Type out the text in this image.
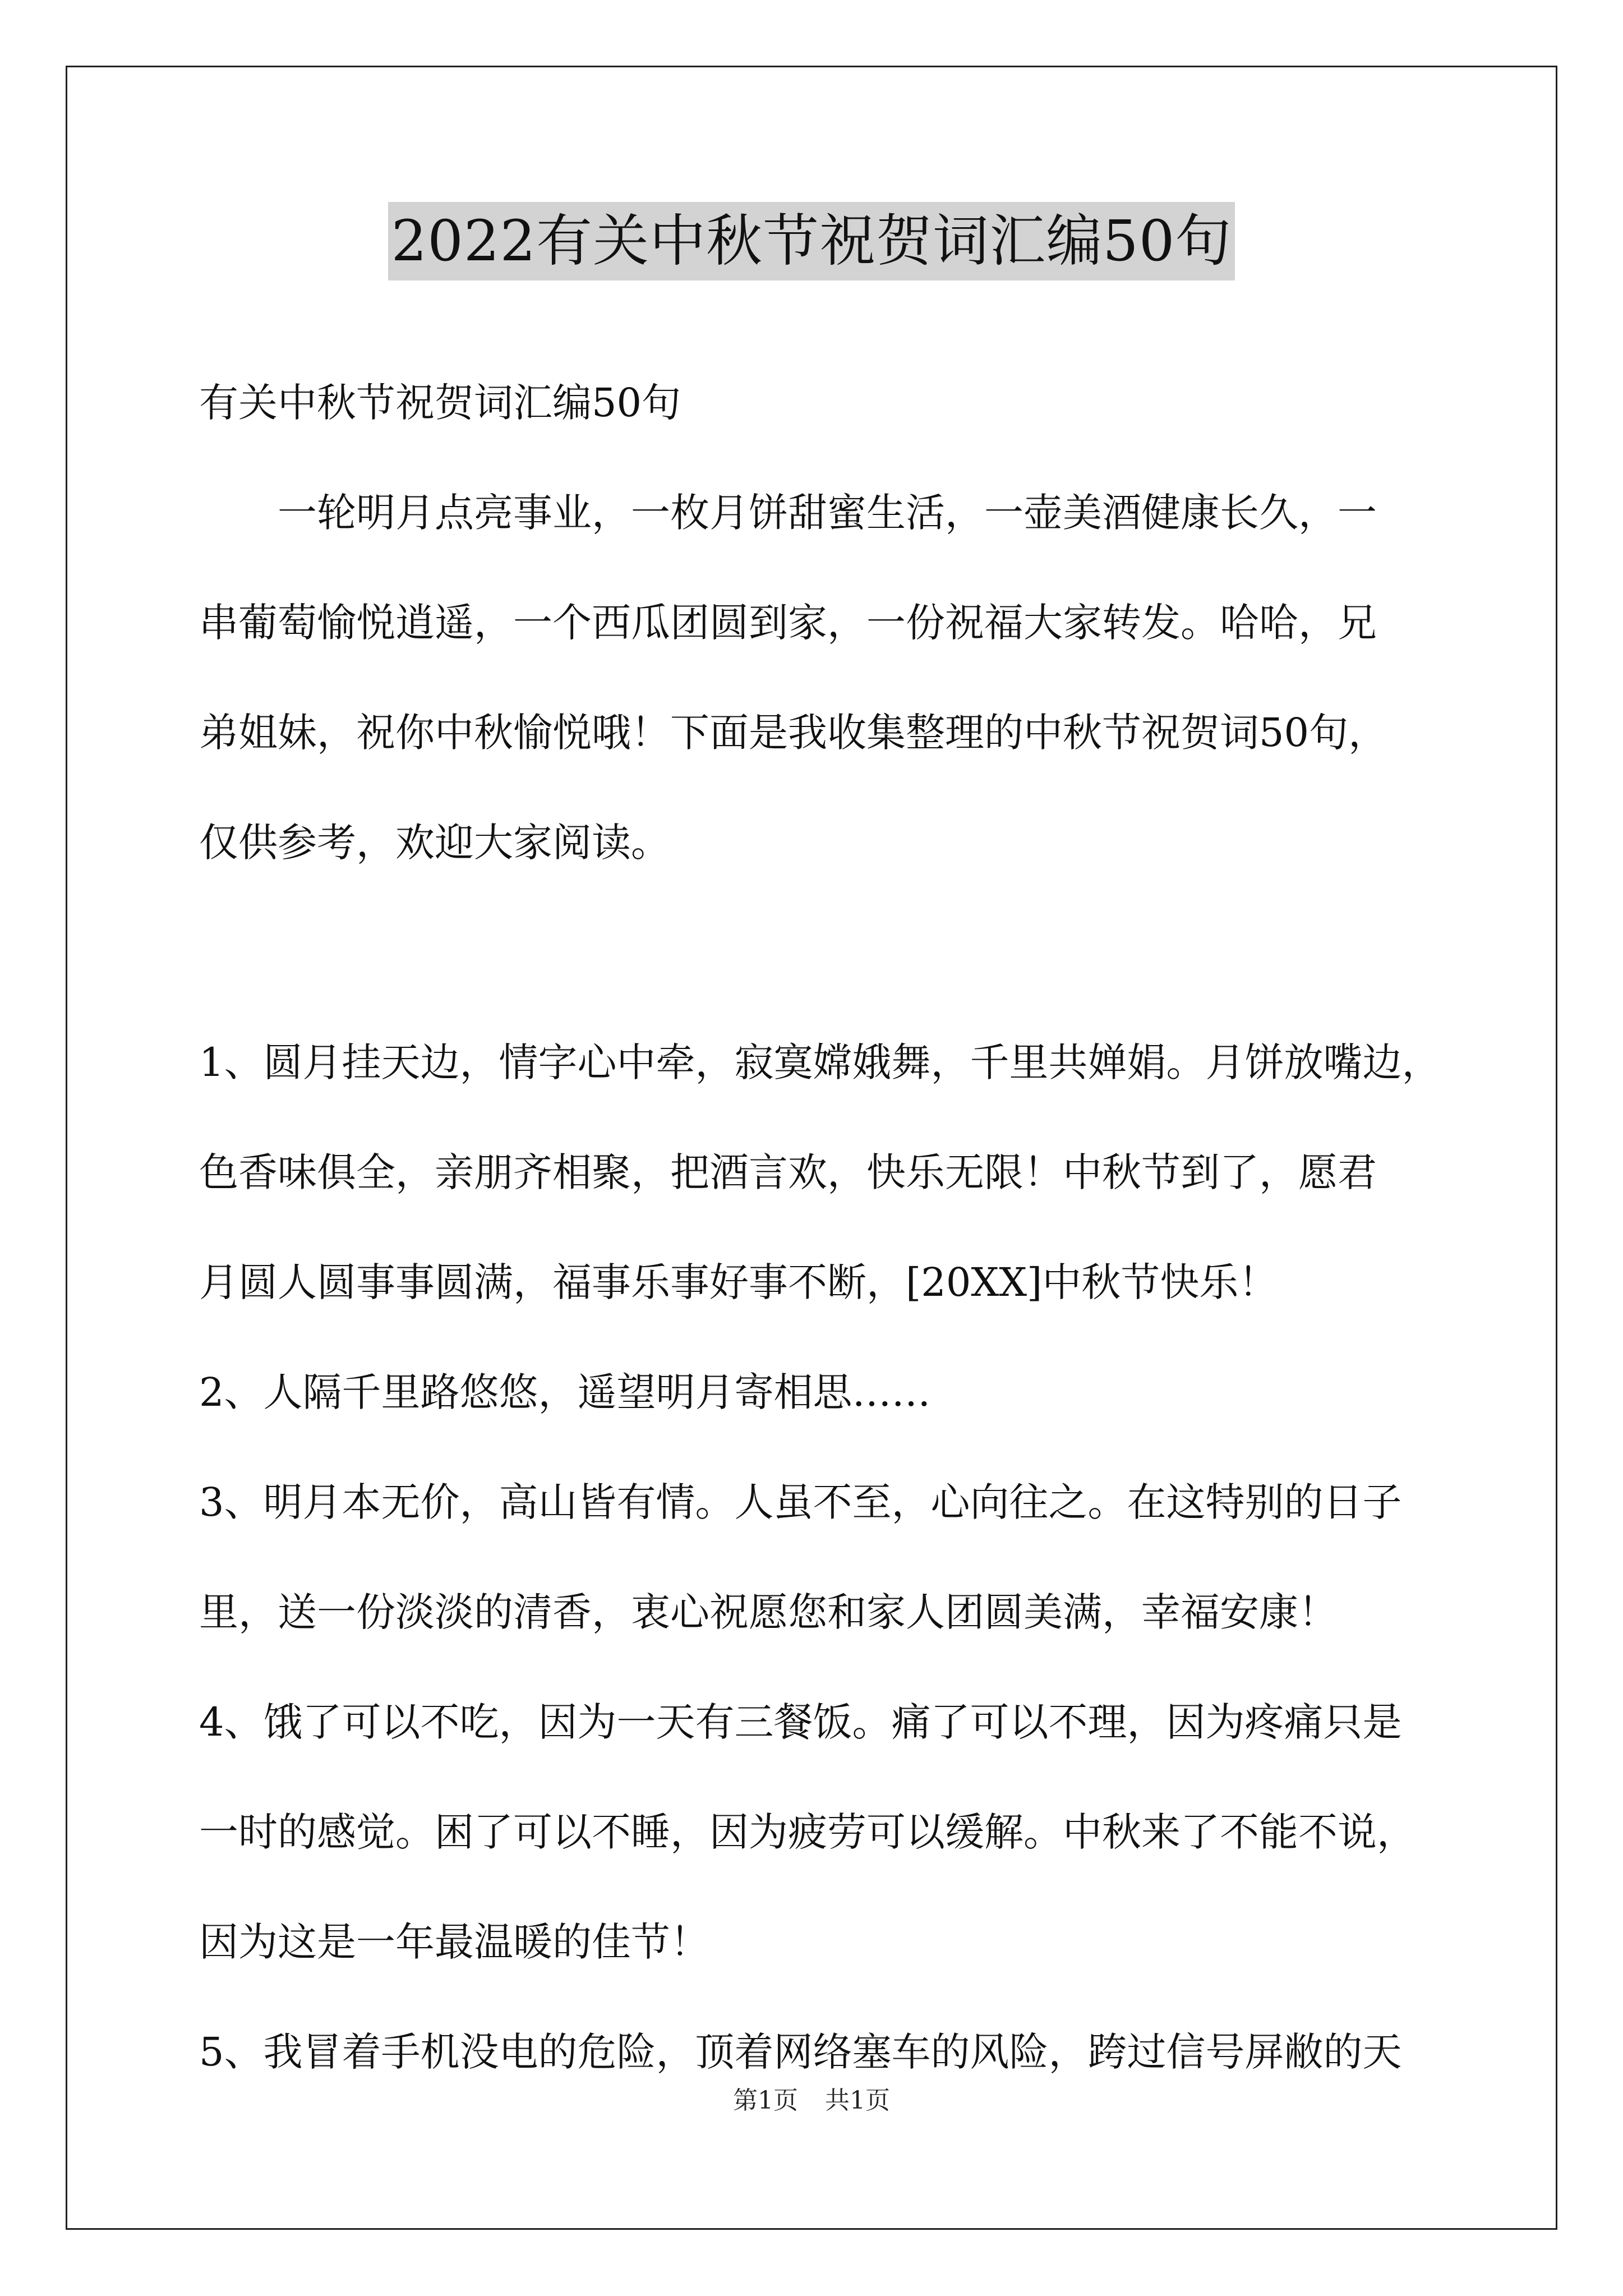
2022有关中秋节祝贺词汇编50句

有关中秋节祝贺词汇编50句

一轮明月点亮事业，一枚月饼甜蜜生活，一壶美酒健康长久，一

串葡萄愉悦逍遥，一个西瓜团圆到家，一份祝福大家转发。哈哈，兄

弟姐妹，祝你中秋愉悦哦！下面是我收集整理的中秋节祝贺词50句，

仅供参考，欢迎大家阅读。

1、圆月挂天边，情字心中牵，寂寞嫦娥舞，千里共婵娟。月饼放嘴边，

色香味俱全，亲朋齐相聚，把酒言欢，快乐无限！中秋节到了，愿君

月圆人圆事事圆满，福事乐事好事不断，[20XX]中秋节快乐！

2、人隔千里路悠悠，遥望明月寄相思……

3、明月本无价，高山皆有情。人虽不至，心向往之。在这特别的日子

里，送一份淡淡的清香，衷心祝愿您和家人团圆美满，幸福安康！

4、饿了可以不吃，因为一天有三餐饭。痛了可以不理，因为疼痛只是

一时的感觉。困了可以不睡，因为疲劳可以缓解。中秋来了不能不说，

因为这是一年最温暖的佳节！

5、我冒着手机没电的危险，顶着网络塞车的风险，跨过信号屏敝的天

第1页 共1页
